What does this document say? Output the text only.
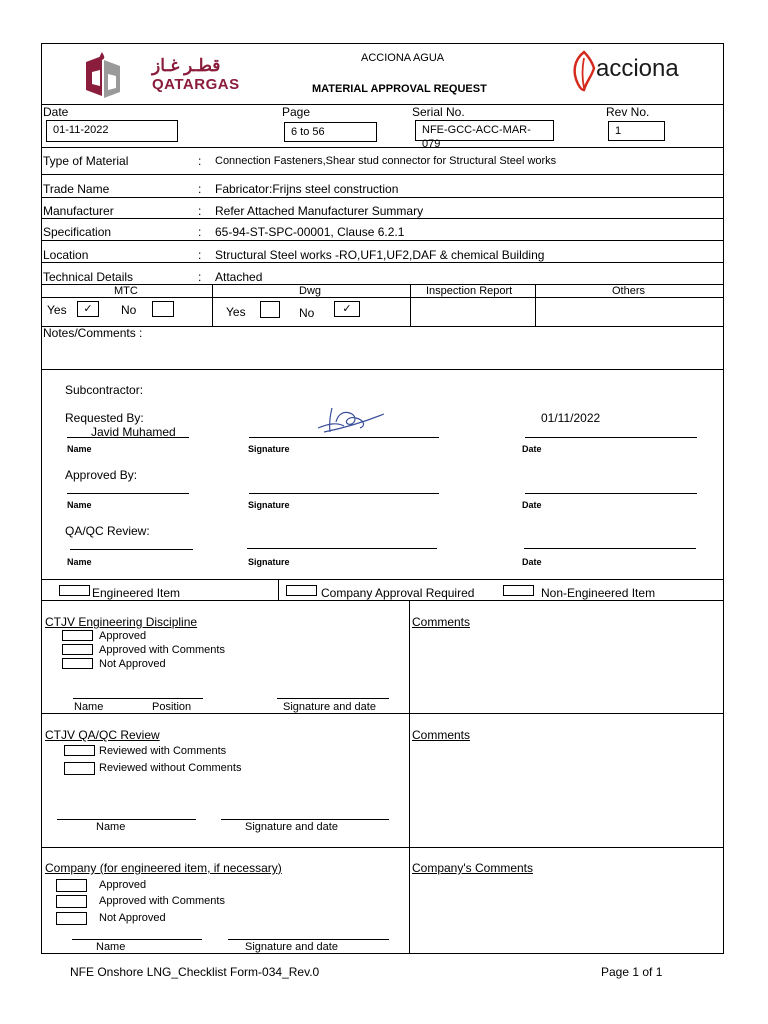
قطـر غـاز
QATARGAS
ACCIONA AGUA
MATERIAL APPROVAL REQUEST
acciona
Date
01-11-2022
Page
6 to 56
Serial No.
NFE-GCC-ACC-MAR-079
Rev No.
1
Type of Material	: Connection Fasteners,Shear stud connector for Structural Steel works
Trade Name	: Fabricator:Frijns steel construction
Manufacturer	: Refer Attached Manufacturer Summary
Specification	: 65-94-ST-SPC-00001, Clause 6.2.1
Location	: Structural Steel works -RO,UF1,UF2,DAF & chemical Building
Technical Details	: Attached
MTC	Dwg	Inspection Report	Others
Yes	✓	No	Yes	No	✓
Notes/Comments :
Subcontractor:
Requested By:
Javid Muhamed
01/11/2022
Name	Signature	Date
Approved By:
Name	Signature	Date
QA/QC Review:
Name	Signature	Date
Engineered Item	Company Approval Required	Non-Engineered Item
CTJV Engineering Discipline	Comments
Approved
Approved with Comments
Not Approved
Name	Position	Signature and date
CTJV QA/QC Review	Comments
Reviewed with Comments
Reviewed without Comments
Name	Signature and date
Company (for engineered item, if necessary)	Company's Comments
Approved
Approved with Comments
Not Approved
Name	Signature and date
NFE Onshore LNG_Checklist Form-034_Rev.0	Page 1 of 1
